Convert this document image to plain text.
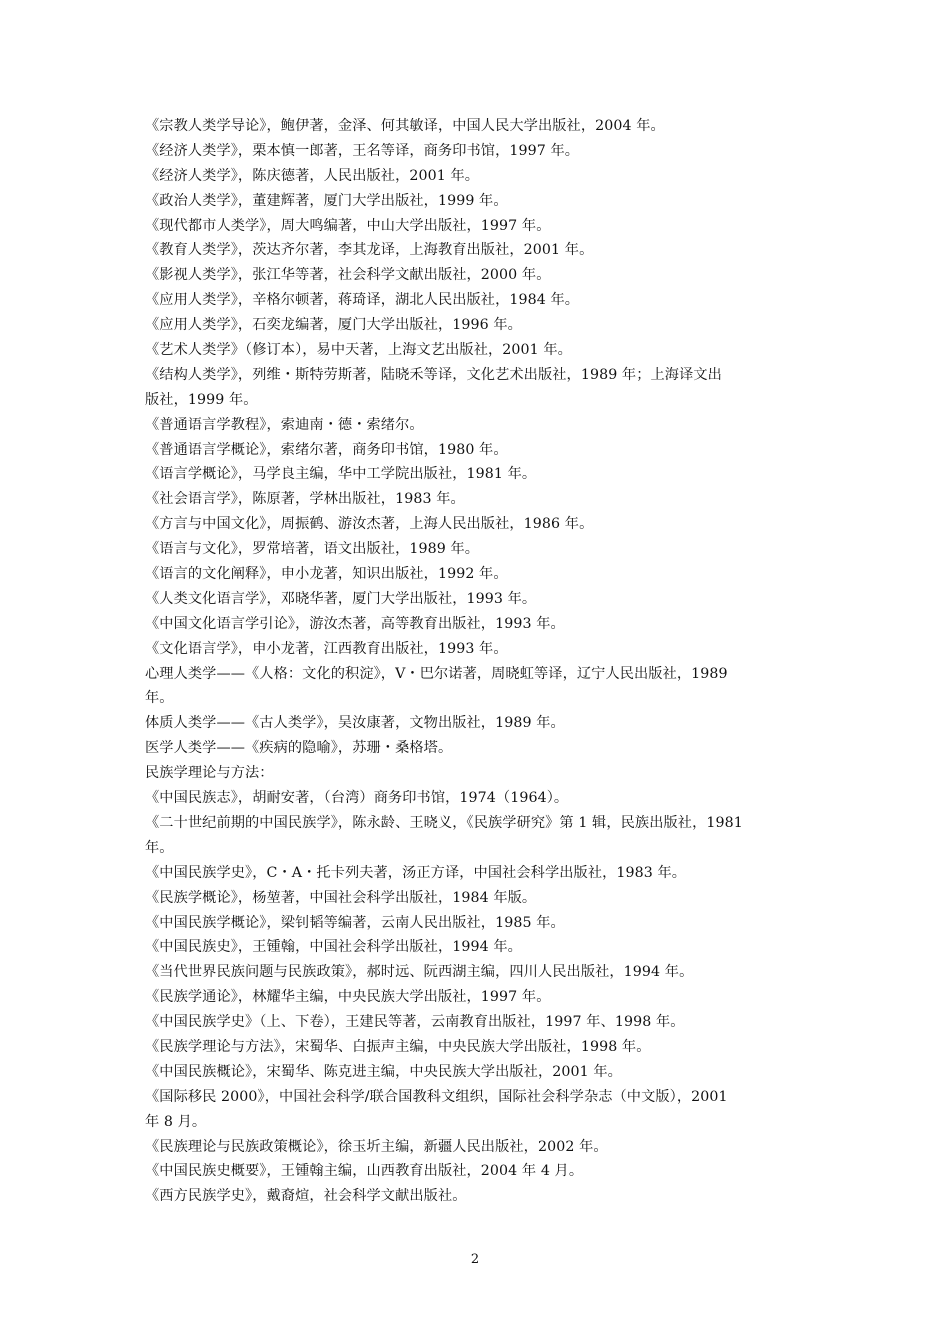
《宗教人类学导论》，鲍伊著，金泽、何其敏译，中国人民大学出版社，2004 年。
《经济人类学》，栗本慎一郎著，王名等译，商务印书馆，1997 年。
《经济人类学》，陈庆德著，人民出版社，2001 年。
《政治人类学》，董建辉著，厦门大学出版社，1999 年。
《现代都市人类学》，周大鸣编著，中山大学出版社，1997 年。
《教育人类学》，茨达齐尔著，李其龙译，上海教育出版社，2001 年。
《影视人类学》，张江华等著，社会科学文献出版社，2000 年。
《应用人类学》，辛格尔顿著，蒋琦译，湖北人民出版社，1984 年。
《应用人类学》，石奕龙编著，厦门大学出版社，1996 年。
《艺术人类学》（修订本），易中天著，上海文艺出版社，2001 年。
《结构人类学》，列维・斯特劳斯著，陆晓禾等译，文化艺术出版社，1989 年；上海译文出
版社，1999 年。
《普通语言学教程》，索迪南・德・索绪尔。
《普通语言学概论》，索绪尔著，商务印书馆，1980 年。
《语言学概论》，马学良主编，华中工学院出版社，1981 年。
《社会语言学》，陈原著，学林出版社，1983 年。
《方言与中国文化》，周振鹤、游汝杰著，上海人民出版社，1986 年。
《语言与文化》，罗常培著，语文出版社，1989 年。
《语言的文化阐释》，申小龙著，知识出版社，1992 年。
《人类文化语言学》，邓晓华著，厦门大学出版社，1993 年。
《中国文化语言学引论》，游汝杰著，高等教育出版社，1993 年。
《文化语言学》，申小龙著，江西教育出版社，1993 年。
心理人类学——《人格：文化的积淀》，V・巴尔诺著，周晓虹等译，辽宁人民出版社，1989
年。
体质人类学——《古人类学》，吴汝康著，文物出版社，1989 年。
医学人类学——《疾病的隐喻》，苏珊・桑格塔。
民族学理论与方法：
《中国民族志》，胡耐安著，（台湾）商务印书馆，1974（1964）。
《二十世纪前期的中国民族学》，陈永龄、王晓义，《民族学研究》第 1 辑，民族出版社，1981
年。
《中国民族学史》，C・A・托卡列夫著，汤正方译，中国社会科学出版社，1983 年。
《民族学概论》，杨堃著，中国社会科学出版社，1984 年版。
《中国民族学概论》，梁钊韬等编著，云南人民出版社，1985 年。
《中国民族史》，王锺翰，中国社会科学出版社，1994 年。
《当代世界民族问题与民族政策》，郝时远、阮西湖主编，四川人民出版社，1994 年。
《民族学通论》，林耀华主编，中央民族大学出版社，1997 年。
《中国民族学史》（上、下卷），王建民等著，云南教育出版社，1997 年、1998 年。
《民族学理论与方法》，宋蜀华、白振声主编，中央民族大学出版社，1998 年。
《中国民族概论》，宋蜀华、陈克进主编，中央民族大学出版社，2001 年。
《国际移民 2000》，中国社会科学/联合国教科文组织，国际社会科学杂志（中文版），2001
年 8 月。
《民族理论与民族政策概论》，徐玉圻主编，新疆人民出版社，2002 年。
《中国民族史概要》，王锺翰主编，山西教育出版社，2004 年 4 月。
《西方民族学史》，戴裔煊，社会科学文献出版社。
2
